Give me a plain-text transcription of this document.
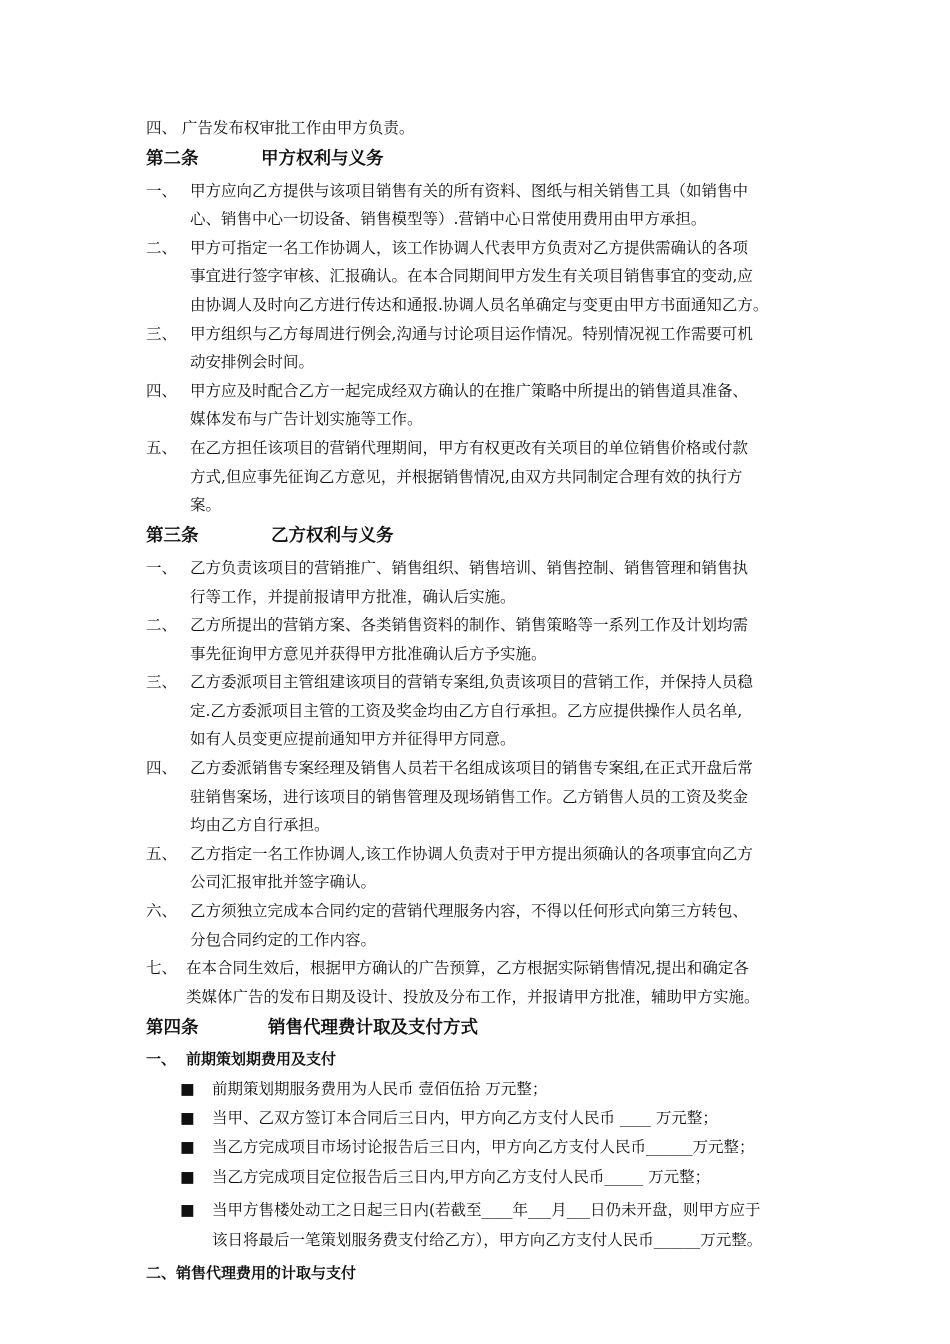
四、 广告发布权审批工作由甲方负责。
第二条	甲方权利与义务
一、 甲方应向乙方提供与该项目销售有关的所有资料、图纸与相关销售工具（如销售中
心、销售中心一切设备、销售模型等）.营销中心日常使用费用由甲方承担。
二、 甲方可指定一名工作协调人，该工作协调人代表甲方负责对乙方提供需确认的各项
事宜进行签字审核、汇报确认。在本合同期间甲方发生有关项目销售事宜的变动,应
由协调人及时向乙方进行传达和通报.协调人员名单确定与变更由甲方书面通知乙方。
三、 甲方组织与乙方每周进行例会,沟通与讨论项目运作情况。特别情况视工作需要可机
动安排例会时间。
四、 甲方应及时配合乙方一起完成经双方确认的在推广策略中所提出的销售道具准备、
媒体发布与广告计划实施等工作。
五、 在乙方担任该项目的营销代理期间，甲方有权更改有关项目的单位销售价格或付款
方式,但应事先征询乙方意见，并根据销售情况,由双方共同制定合理有效的执行方
案。
第三条	乙方权利与义务
一、 乙方负责该项目的营销推广、销售组织、销售培训、销售控制、销售管理和销售执
行等工作，并提前报请甲方批准，确认后实施。
二、 乙方所提出的营销方案、各类销售资料的制作、销售策略等一系列工作及计划均需
事先征询甲方意见并获得甲方批准确认后方予实施。
三、 乙方委派项目主管组建该项目的营销专案组,负责该项目的营销工作，并保持人员稳
定.乙方委派项目主管的工资及奖金均由乙方自行承担。乙方应提供操作人员名单,
如有人员变更应提前通知甲方并征得甲方同意。
四、 乙方委派销售专案经理及销售人员若干名组成该项目的销售专案组,在正式开盘后常
驻销售案场，进行该项目的销售管理及现场销售工作。乙方销售人员的工资及奖金
均由乙方自行承担。
五、 乙方指定一名工作协调人,该工作协调人负责对于甲方提出须确认的各项事宜向乙方
公司汇报审批并签字确认。
六、 乙方须独立完成本合同约定的营销代理服务内容，不得以任何形式向第三方转包、
分包合同约定的工作内容。
七、 在本合同生效后，根据甲方确认的广告预算，乙方根据实际销售情况,提出和确定各
类媒体广告的发布日期及设计、投放及分布工作，并报请甲方批准，辅助甲方实施。
第四条	销售代理费计取及支付方式
一、 前期策划期费用及支付
■ 前期策划期服务费用为人民币 壹佰伍拾 万元整；
■ 当甲、乙双方签订本合同后三日内，甲方向乙方支付人民币 ____ 万元整；
■ 当乙方完成项目市场讨论报告后三日内，甲方向乙方支付人民币______万元整；
■ 当乙方完成项目定位报告后三日内,甲方向乙方支付人民币_____ 万元整；
■ 当甲方售楼处动工之日起三日内(若截至____年___月___日仍未开盘，则甲方应于
该日将最后一笔策划服务费支付给乙方），甲方向乙方支付人民币______万元整。
二、销售代理费用的计取与支付
